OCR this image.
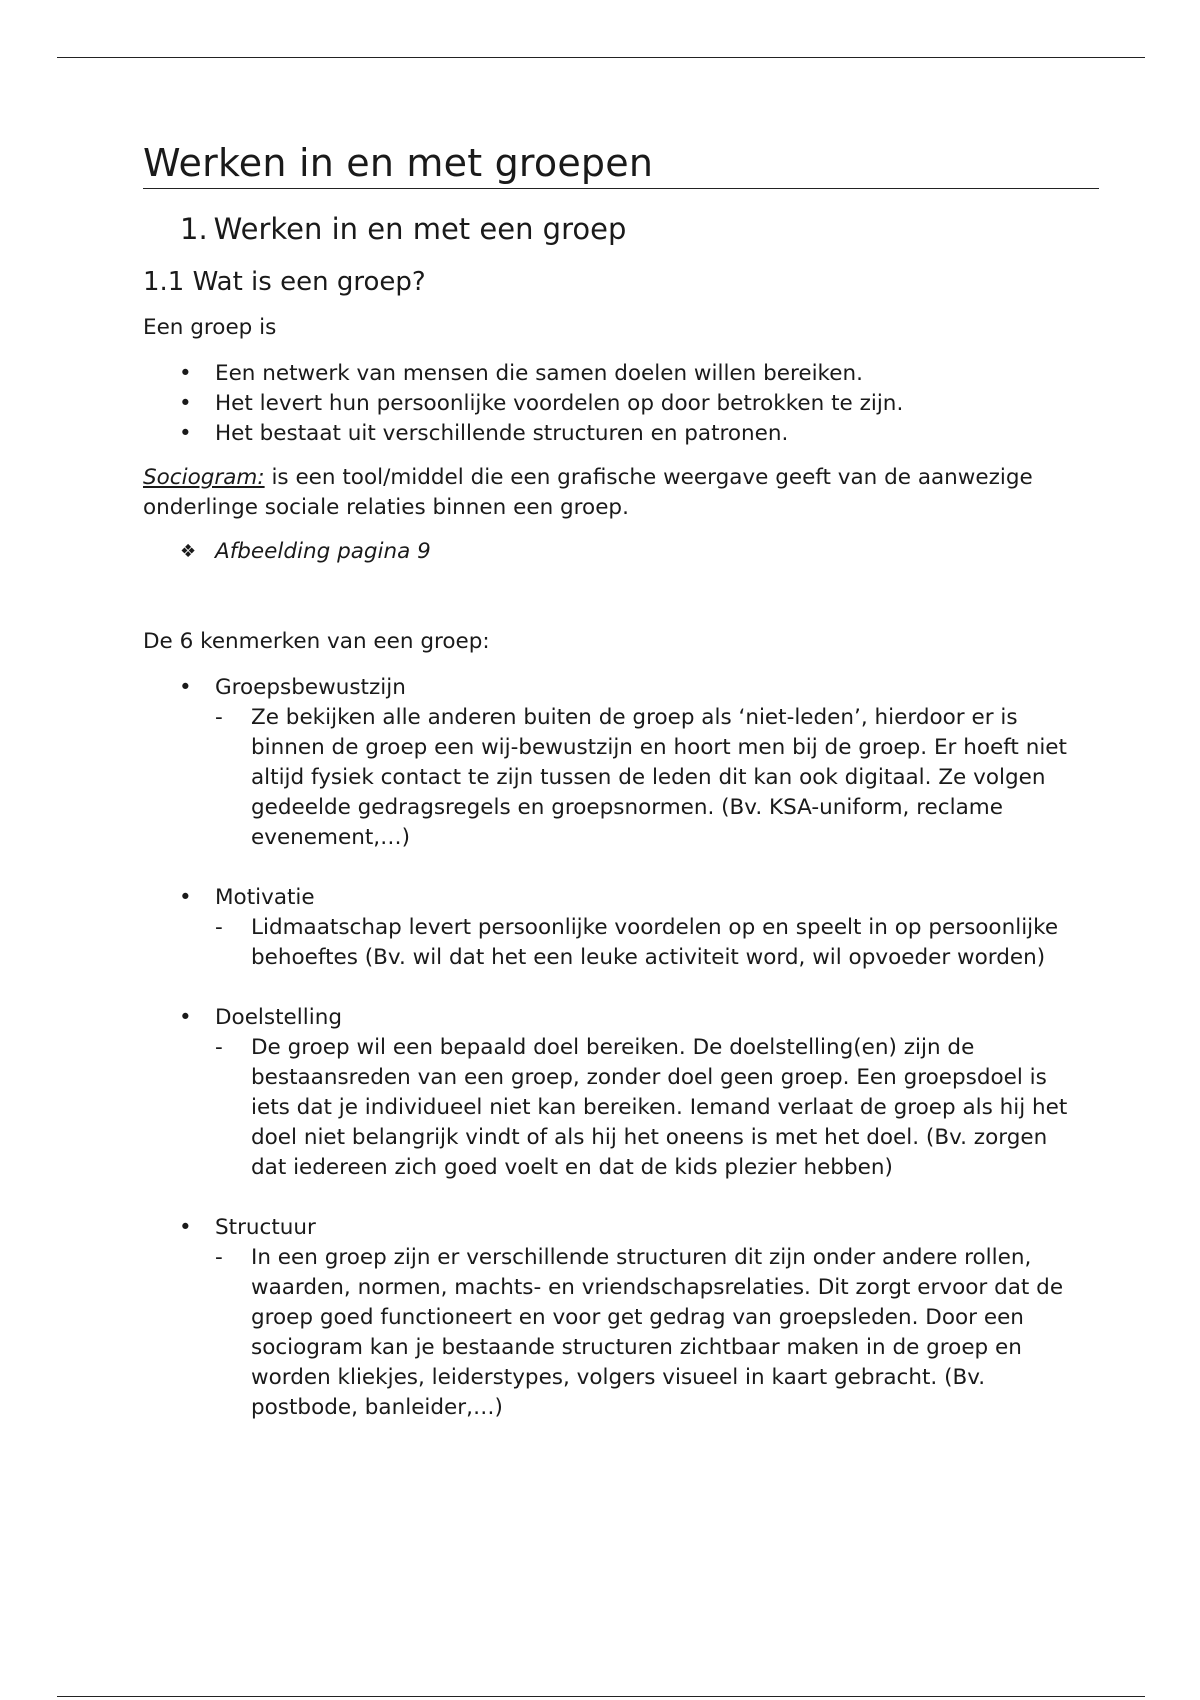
Werken in en met groepen
1. Werken in en met een groep
1.1 Wat is een groep?

Een groep is

• Een netwerk van mensen die samen doelen willen bereiken.
• Het levert hun persoonlijke voordelen op door betrokken te zijn.
• Het bestaat uit verschillende structuren en patronen.

Sociogram: is een tool/middel die een grafische weergave geeft van de aanwezige onderlinge sociale relaties binnen een groep.

❖ Afbeelding pagina 9

De 6 kenmerken van een groep:

• Groepsbewustzijn
- Ze bekijken alle anderen buiten de groep als ‘niet-leden’, hierdoor er is binnen de groep een wij-bewustzijn en hoort men bij de groep. Er hoeft niet altijd fysiek contact te zijn tussen de leden dit kan ook digitaal. Ze volgen gedeelde gedragsregels en groepsnormen. (Bv. KSA-uniform, reclame evenement,…)
• Motivatie
- Lidmaatschap levert persoonlijke voordelen op en speelt in op persoonlijke behoeftes (Bv. wil dat het een leuke activiteit word, wil opvoeder worden)
• Doelstelling
- De groep wil een bepaald doel bereiken. De doelstelling(en) zijn de bestaansreden van een groep, zonder doel geen groep. Een groepsdoel is iets dat je individueel niet kan bereiken. Iemand verlaat de groep als hij het doel niet belangrijk vindt of als hij het oneens is met het doel. (Bv. zorgen dat iedereen zich goed voelt en dat de kids plezier hebben)
• Structuur
- In een groep zijn er verschillende structuren dit zijn onder andere rollen, waarden, normen, machts- en vriendschapsrelaties. Dit zorgt ervoor dat de groep goed functioneert en voor get gedrag van groepsleden. Door een sociogram kan je bestaande structuren zichtbaar maken in de groep en worden kliekjes, leiderstypes, volgers visueel in kaart gebracht. (Bv. postbode, banleider,…)
